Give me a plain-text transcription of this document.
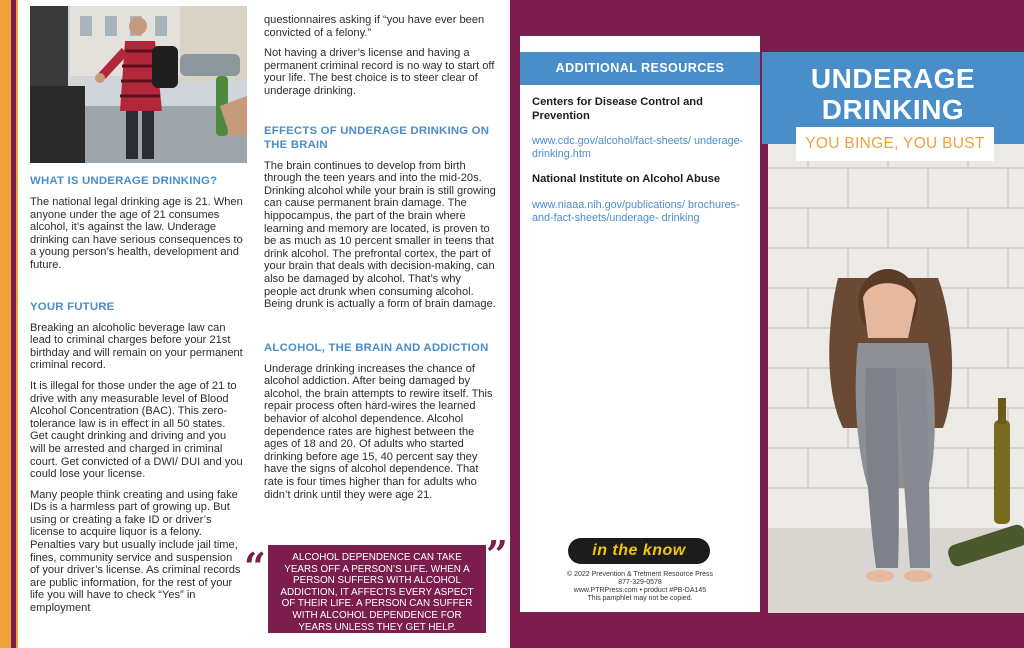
WHAT IS UNDERAGE DRINKING?

The national legal drinking age is 21. When anyone under the age of 21 consumes alcohol, it’s against the law. Underage drinking can have serious consequences to a young person’s health, development and future.

YOUR FUTURE

Breaking an alcoholic beverage law can lead to criminal charges before your 21st birthday and will remain on your permanent criminal record.

It is illegal for those under the age of 21 to drive with any measurable level of Blood Alcohol Concentration (BAC). This zero-tolerance law is in effect in all 50 states. Get caught drinking and driving and you will be arrested and charged in criminal court. Get convicted of a DWI/ DUI and you could lose your license.

Many people think creating and using fake IDs is a harmless part of growing up. But using or creating a fake ID or driver’s license to acquire liquor is a felony. Penalties vary but usually include jail time, fines, community service and suspension of your driver’s license. As criminal records are public information, for the rest of your life you will have to check “Yes” in employment

questionnaires asking if “you have ever been convicted of a felony.”

Not having a driver’s license and having a permanent criminal record is no way to start off your life. The best choice is to steer clear of underage drinking.

EFFECTS OF UNDERAGE DRINKING ON THE BRAIN

The brain continues to develop from birth through the teen years and into the mid-20s. Drinking alcohol while your brain is still growing can cause permanent brain damage. The hippocampus, the part of the brain where learning and memory are located, is proven to be as much as 10 percent smaller in teens that drink alcohol. The prefrontal cortex, the part of your brain that deals with decision-making, can also be damaged by alcohol. That’s why people act drunk when consuming alcohol. Being drunk is actually a form of brain damage.

ALCOHOL, THE BRAIN AND ADDICTION

Underage drinking increases the chance of alcohol addiction. After being damaged by alcohol, the brain attempts to rewire itself. This repair process often hard-wires the learned behavior of alcohol dependence. Alcohol dependence rates are highest between the ages of 18 and 20. Of adults who started drinking before age 15, 40 percent say they have the signs of alcohol dependence. That rate is four times higher than for adults who didn’t drink until they were age 21.

“	ALCOHOL DEPENDENCE CAN TAKE YEARS OFF A PERSON’S LIFE. WHEN A PERSON SUFFERS WITH ALCOHOL ADDICTION, IT AFFECTS EVERY ASPECT OF THEIR LIFE. A PERSON CAN SUFFER WITH ALCOHOL DEPENDENCE FOR YEARS UNLESS THEY GET HELP.
”
ADDITIONAL RESOURCES
Centers for Disease Control and Prevention
www.cdc.gov/alcohol/fact-sheets/ underage-drinking.htm
National Institute on Alcohol Abuse
www.niaaa.nih.gov/publications/ brochures-and-fact-sheets/underage- drinking
in the know
© 2022 Prevention & Tretment Resource Press
877-329-0578
www.PTRPress.com • product #PB-DA145
This pamphlet may not be copied.
UNDERAGE
DRINKING
YOU BINGE, YOU BUST
